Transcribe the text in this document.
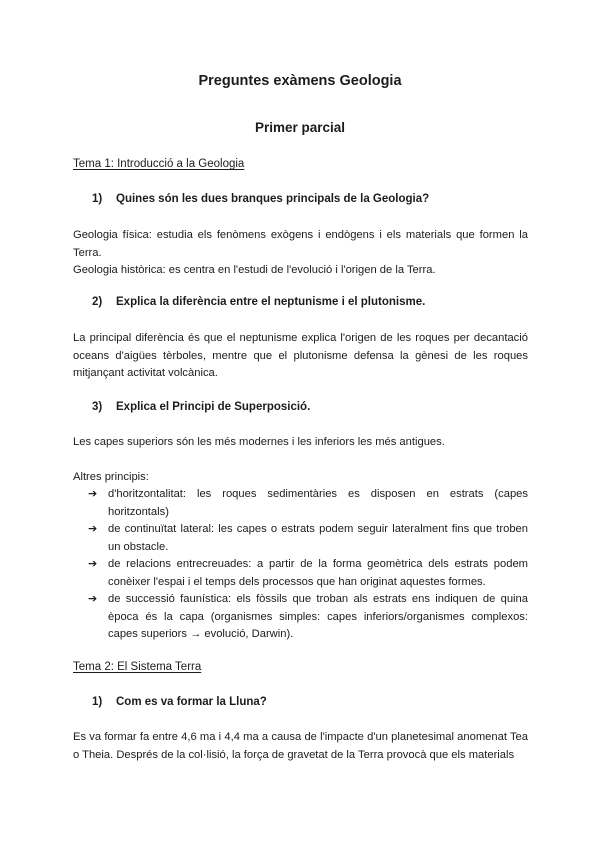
Preguntes exàmens Geologia
Primer parcial
Tema 1: Introducció a la Geologia
1) Quines són les dues branques principals de la Geologia?
Geologia física: estudia els fenòmens exògens i endògens i els materials que formen la Terra.
Geologia històrica: es centra en l'estudi de l'evolució i l'origen de la Terra.
2) Explica la diferència entre el neptunisme i el plutonisme.
La principal diferència és que el neptunisme explica l'origen de les roques per decantació oceans d'aigües tèrboles, mentre que el plutonisme defensa la gènesi de les roques mitjançant activitat volcànica.
3) Explica el Principi de Superposició.
Les capes superiors són les més modernes i les inferiors les més antigues.
Altres principis:
➔ d'horitzontalitat: les roques sedimentàries es disposen en estrats (capes horitzontals)
➔ de continuïtat lateral: les capes o estrats podem seguir lateralment fins que troben un obstacle.
➔ de relacions entrecreuades: a partir de la forma geomètrica dels estrats podem conèixer l'espai i el temps dels processos que han originat aquestes formes.
➔ de successió faunística: els fòssils que troban als estrats ens indiquen de quina època és la capa (organismes simples: capes inferiors/organismes complexos: capes superiors → evolució, Darwin).
Tema 2: El Sistema Terra
1) Com es va formar la Lluna?
Es va formar fa entre 4,6 ma i 4,4 ma a causa de l'impacte d'un planetesimal anomenat Tea o Theia. Després de la col·lisió, la força de gravetat de la Terra provocà que els materials
